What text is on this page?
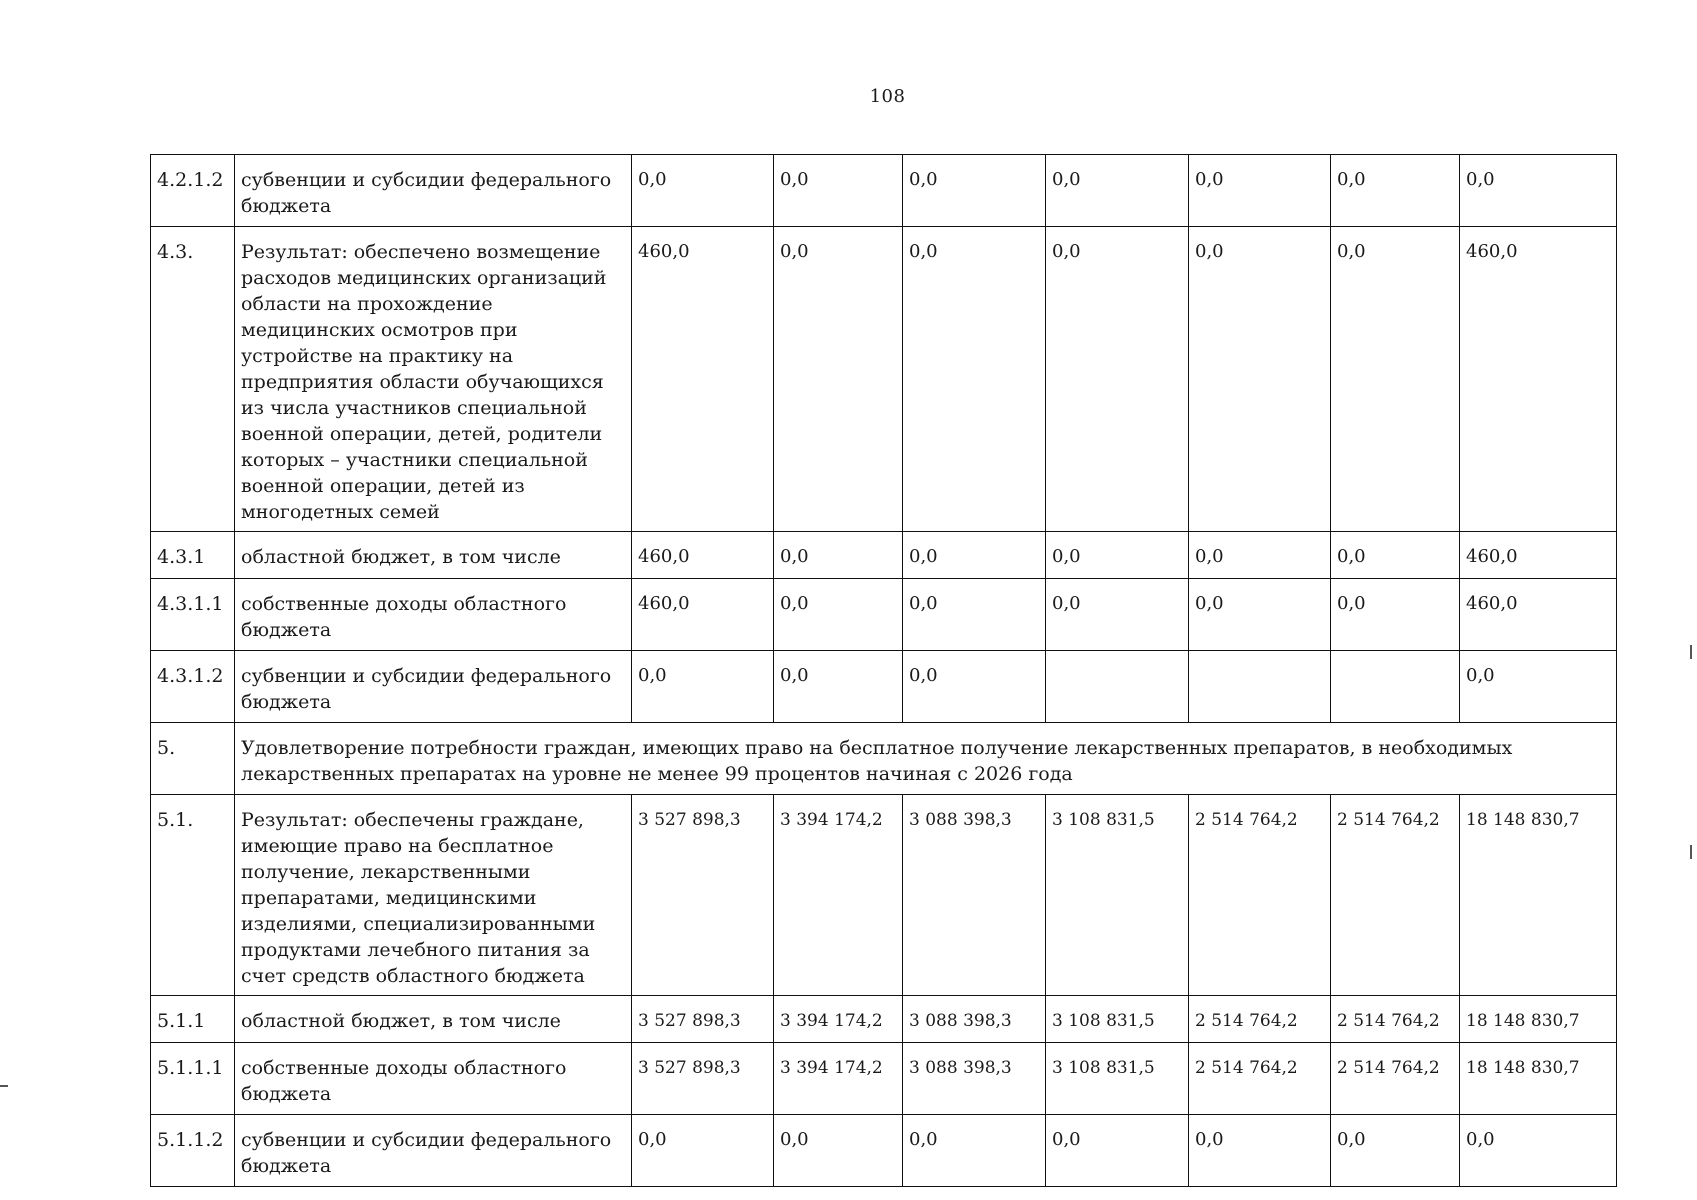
108
4.2.1.2	субвенции и субсидии федерального бюджета	0,0	0,0	0,0	0,0	0,0	0,0	0,0
4.3.	Результат: обеспечено возмещение расходов медицинских организаций области на прохождение медицинских осмотров при устройстве на практику на предприятия области обучающихся из числа участников специальной военной операции, детей, родители которых – участники специальной военной операции, детей из многодетных семей	460,0	0,0	0,0	0,0	0,0	0,0	460,0
4.3.1	областной бюджет, в том числе	460,0	0,0	0,0	0,0	0,0	0,0	460,0
4.3.1.1	собственные доходы областного бюджета	460,0	0,0	0,0	0,0	0,0	0,0	460,0
4.3.1.2	субвенции и субсидии федерального бюджета	0,0	0,0	0,0				0,0
5.	Удовлетворение потребности граждан, имеющих право на бесплатное получение лекарственных препаратов, в необходимых лекарственных препаратах на уровне не менее 99 процентов начиная с 2026 года							
5.1.	Результат: обеспечены граждане, имеющие право на бесплатное получение, лекарственными препаратами, медицинскими изделиями, специализированными продуктами лечебного питания за счет средств областного бюджета	3 527 898,3	3 394 174,2	3 088 398,3	3 108 831,5	2 514 764,2	2 514 764,2	18 148 830,7
5.1.1	областной бюджет, в том числе	3 527 898,3	3 394 174,2	3 088 398,3	3 108 831,5	2 514 764,2	2 514 764,2	18 148 830,7
5.1.1.1	собственные доходы областного бюджета	3 527 898,3	3 394 174,2	3 088 398,3	3 108 831,5	2 514 764,2	2 514 764,2	18 148 830,7
5.1.1.2	субвенции и субсидии федерального бюджета	0,0	0,0	0,0	0,0	0,0	0,0	0,0
